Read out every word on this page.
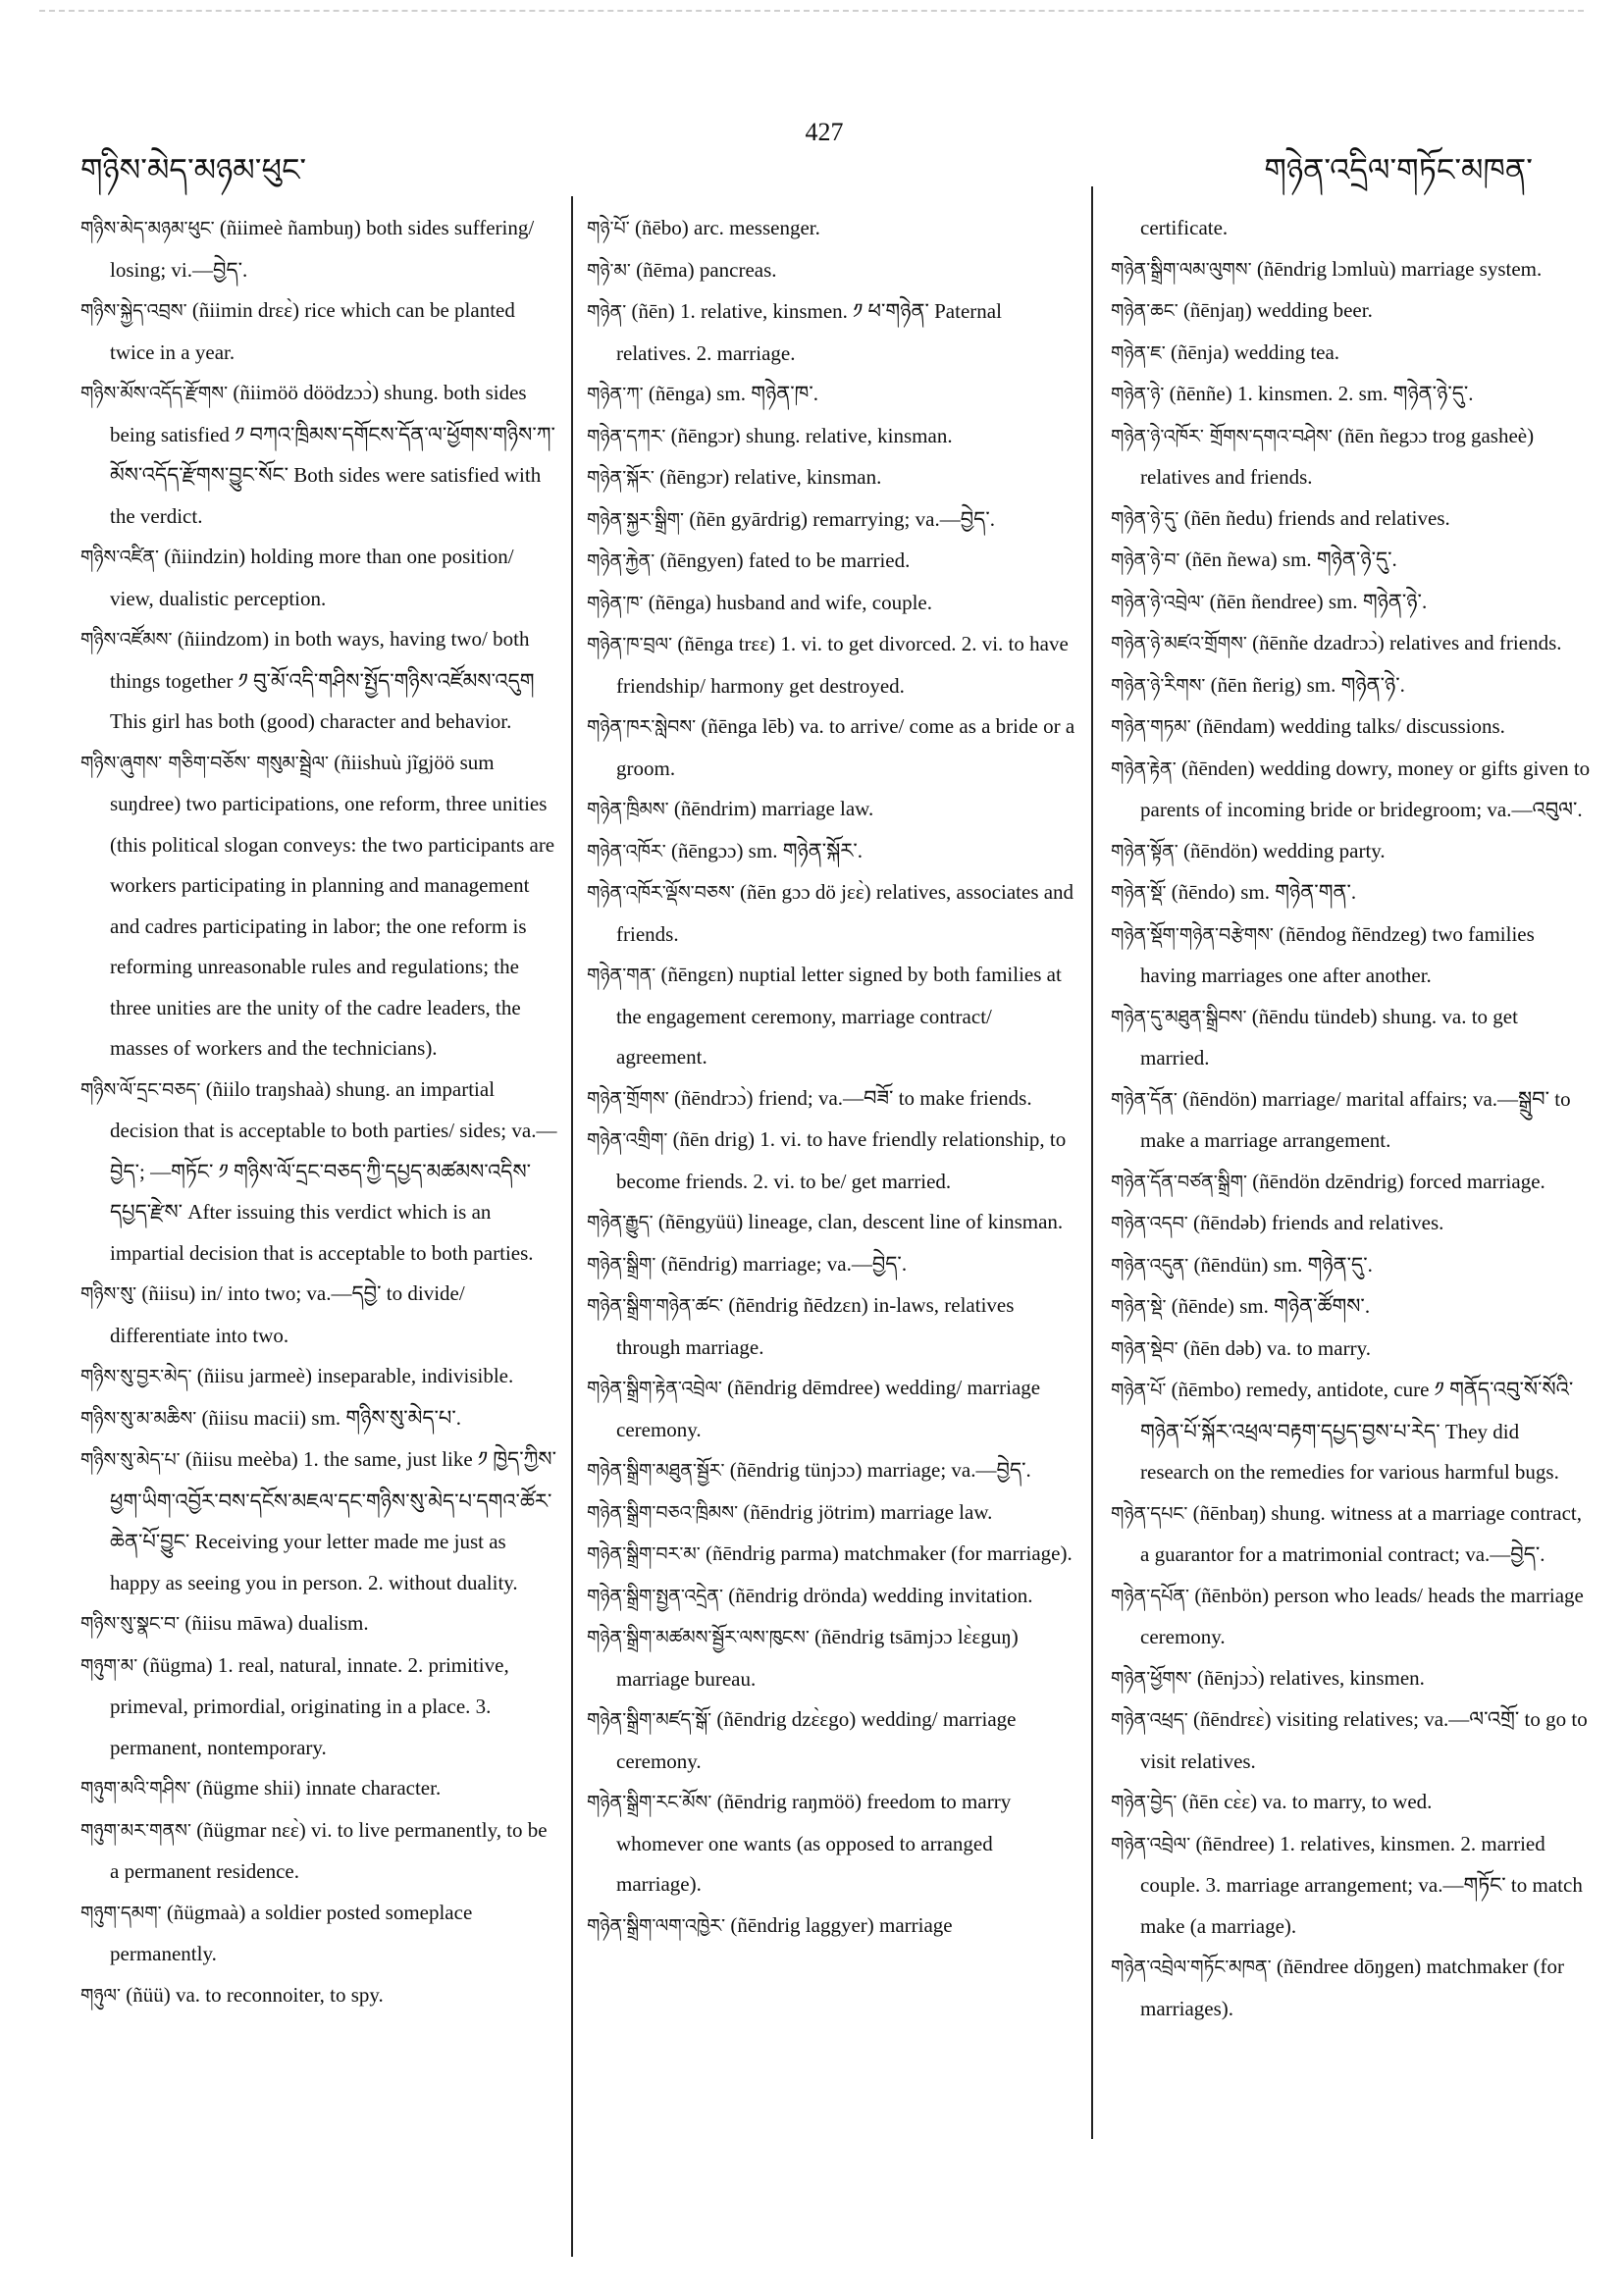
གཉིས་མེད་མཉམ་ཕུང་
427
གཉེན་འདྲིལ་གཏོང་མཁན་

གཉིས་མེད་མཉམ་ཕུང་ (ñiimeè ñambuŋ) both sides suffering/ losing; vi.—བྱེད་.

གཉིས་སྐྱེད་འབྲས་ (ñiimin drɛɛ̀) rice which can be planted twice in a year.

གཉིས་མོས་འདོད་རྫོགས་ (ñiimöö döödzɔɔ̀) shung. both sides being satisfied ༡ བཀའ་ཁྲིམས་དགོངས་དོན་ལ་ཕྱོགས་གཉིས་ཀ་མོས་འདོད་རྫོགས་བྱུང་སོང་ Both sides were satisfied with the verdict.

གཉིས་འཛིན་ (ñiindzin) holding more than one position/ view, dualistic perception.

གཉིས་འཛོམས་ (ñiindzom) in both ways, having two/ both things together ༡ བུ་མོ་འདི་གཤིས་སྤྱོད་གཉིས་འཛོམས་འདུག This girl has both (good) character and behavior.

གཉིས་ཞུགས་ གཅིག་བཅོས་ གསུམ་སྦྲེལ་ (ñiishuù jĩgjöö sum suŋdree) two participations, one reform, three unities (this political slogan conveys: the two participants are workers participating in planning and management and cadres participating in labor; the one reform is reforming unreasonable rules and regulations; the three unities are the unity of the cadre leaders, the masses of workers and the technicians).

གཉིས་ལོ་དྲང་བཅད་ (ñiilo traŋshaà) shung. an impartial decision that is acceptable to both parties/ sides; va.—བྱེད་; —གཏོང་ ༡ གཉིས་ལོ་དྲང་བཅད་ཀྱི་དཔྱད་མཚམས་འདིས་དཔྱད་རྫེས་ After issuing this verdict which is an impartial decision that is acceptable to both parties.

གཉིས་སུ་ (ñiisu) in/ into two; va.—དབྱེ་ to divide/ differentiate into two.

གཉིས་སུ་བྱར་མེད་ (ñiisu jarmeè) inseparable, indivisible.

གཉིས་སུ་མ་མཆིས་ (ñiisu macii) sm. གཉིས་སུ་མེད་པ་.

གཉིས་སུ་མེད་པ་ (ñiisu meèba) 1. the same, just like ༡ ཁྱེད་ཀྱིས་ཕྱག་ཡིག་འབྱོར་བས་དངོས་མཇལ་དང་གཉིས་སུ་མེད་པ་དགའ་ཚོར་ཆེན་པོ་བྱུང་ Receiving your letter made me just as happy as seeing you in person. 2. without duality.

གཉིས་སུ་སྣང་བ་ (ñiisu māwa) dualism.

གཉུག་མ་ (ñügma) 1. real, natural, innate. 2. primitive, primeval, primordial, originating in a place. 3. permanent, nontemporary.

གཉུག་མའི་གཤིས་ (ñügme shii) innate character.

གཉུག་མར་གནས་ (ñügmar nɛɛ̀) vi. to live permanently, to be a permanent residence.

གཉུག་དམག་ (ñügmaà) a soldier posted someplace permanently.

གཉུལ་ (ñüü) va. to reconnoiter, to spy.

གཉེ་པོ་ (ñēbo) arc. messenger.

གཉེ་མ་ (ñēma) pancreas.

གཉེན་ (ñēn) 1. relative, kinsmen. ༡ ཕ་གཉེན་ Paternal relatives. 2. marriage.

གཉེན་ཀ་ (ñēnga) sm. གཉེན་ཁ་.

གཉེན་དཀར་ (ñēngɔr) shung. relative, kinsman.

གཉེན་སྐོར་ (ñēngɔr) relative, kinsman.

གཉེན་སྐྱར་སྒྲིག་ (ñēn gyārdrig) remarrying; va.—བྱེད་.

གཉེན་རྐྱེན་ (ñēngyen) fated to be married.

གཉེན་ཁ་ (ñēnga) husband and wife, couple.

གཉེན་ཁ་བྲལ་ (ñēnga trɛɛ) 1. vi. to get divorced. 2. vi. to have friendship/ harmony get destroyed.

གཉེན་ཁར་སླེབས་ (ñēnga lēb) va. to arrive/ come as a bride or a groom.

གཉེན་ཁྲིམས་ (ñēndrim) marriage law.

གཉེན་འཁོར་ (ñēngɔɔ) sm. གཉེན་སྐོར་.

གཉེན་འཁོར་ལྡོས་བཅས་ (ñēn gɔɔ dö jɛɛ̀) relatives, associates and friends.

གཉེན་གན་ (ñēngɛn) nuptial letter signed by both families at the engagement ceremony, marriage contract/ agreement.

གཉེན་གྲོགས་ (ñēndrɔɔ̀) friend; va.—བཟོ་ to make friends.

གཉེན་འགྲིག་ (ñēn drig) 1. vi. to have friendly relationship, to become friends. 2. vi. to be/ get married.

གཉེན་རྒྱུད་ (ñēngyüü) lineage, clan, descent line of kinsman.

གཉེན་སྒྲིག་ (ñēndrig) marriage; va.—བྱེད་.

གཉེན་སྒྲིག་གཉེན་ཚང་ (ñēndrig ñēdzɛn) in-laws, relatives through marriage.

གཉེན་སྒྲིག་རྟེན་འབྲེལ་ (ñēndrig dēmdree) wedding/ marriage ceremony.

གཉེན་སྒྲིག་མཐུན་སྦྱོར་ (ñēndrig tünjɔɔ) marriage; va.—བྱེད་.

གཉེན་སྒྲིག་བཅའ་ཁྲིམས་ (ñēndrig jötrim) marriage law.

གཉེན་སྒྲིག་བར་མ་ (ñēndrig parma) matchmaker (for marriage).

གཉེན་སྒྲིག་སྤྱན་འདྲེན་ (ñēndrig drönda) wedding invitation.

གཉེན་སྒྲིག་མཚམས་སྦྱོར་ལས་ཁུངས་ (ñēndrig tsāmjɔɔ lɛ̀ɛguŋ) marriage bureau.

གཉེན་སྒྲིག་མཛད་སྒོ་ (ñēndrig dzɛ̀ɛgo) wedding/ marriage ceremony.

གཉེན་སྒྲིག་རང་མོས་ (ñēndrig raŋmöö) freedom to marry whomever one wants (as opposed to arranged marriage).

གཉེན་སྒྲིག་ལག་འཁྱེར་ (ñēndrig laggyer) marriage

certificate.

གཉེན་སྒྲིག་ལམ་ལུགས་ (ñēndrig lɔmluù) marriage system.

གཉེན་ཆང་ (ñēnjaŋ) wedding beer.

གཉེན་ཇ་ (ñēnja) wedding tea.

གཉེན་ཉེ་ (ñēnñe) 1. kinsmen. 2. sm. གཉེན་ཉེ་དུ་.

གཉེན་ཉེ་འཁོར་ གྲོགས་དགའ་བཤེས་ (ñēn ñegɔɔ trog gasheè) relatives and friends.

གཉེན་ཉེ་དུ་ (ñēn ñedu) friends and relatives.

གཉེན་ཉེ་བ་ (ñēn ñewa) sm. གཉེན་ཉེ་དུ་.

གཉེན་ཉེ་འབྲེལ་ (ñēn ñendree) sm. གཉེན་ཉེ་.

གཉེན་ཉེ་མཛའ་གྲོགས་ (ñēnñe dzadrɔɔ̀) relatives and friends.

གཉེན་ཉེ་རིགས་ (ñēn ñerig) sm. གཉེན་ཉེ་.

གཉེན་གཏམ་ (ñēndam) wedding talks/ discussions.

གཉེན་རྟེན་ (ñēnden) wedding dowry, money or gifts given to parents of incoming bride or bridegroom; va.—འབུལ་.

གཉེན་སྟོན་ (ñēndön) wedding party.

གཉེན་སྡོ་ (ñēndo) sm. གཉེན་གན་.

གཉེན་སྡོག་གཉེན་བརྩེགས་ (ñēndog ñēndzeg) two families having marriages one after another.

གཉེན་དུ་མཐུན་སྒྲིབས་ (ñēndu tündeb) shung. va. to get married.

གཉེན་དོན་ (ñēndön) marriage/ marital affairs; va.—སྒྲུབ་ to make a marriage arrangement.

གཉེན་དོན་བཙན་སྒྲིག་ (ñēndön dzēndrig) forced marriage.

གཉེན་འདབ་ (ñēndəb) friends and relatives.

གཉེན་འདུན་ (ñēndün) sm. གཉེན་དུ་.

གཉེན་སྡེ་ (ñēnde) sm. གཉེན་ཚོགས་.

གཉེན་སྡེབ་ (ñēn dəb) va. to marry.

གཉེན་པོ་ (ñēmbo) remedy, antidote, cure ༡ གནོད་འབུ་སོ་སོའི་གཉེན་པོ་སྐོར་འཕྲལ་བརྟག་དཔྱད་བྱས་པ་རེད་ They did research on the remedies for various harmful bugs.

གཉེན་དཔང་ (ñēnbaŋ) shung. witness at a marriage contract, a guarantor for a matrimonial contract; va.—བྱེད་.

གཉེན་དཔོན་ (ñēnbön) person who leads/ heads the marriage ceremony.

གཉེན་ཕྱོགས་ (ñēnjɔɔ̀) relatives, kinsmen.

གཉེན་འཕྲད་ (ñēndrɛɛ̀) visiting relatives; va.—ལ་འགྲོ་ to go to visit relatives.

གཉེན་བྱེད་ (ñēn cɛ̀ɛ) va. to marry, to wed.

གཉེན་འབྲེལ་ (ñēndree) 1. relatives, kinsmen. 2. married couple. 3. marriage arrangement; va.—གཏོང་ to match make (a marriage).

གཉེན་འབྲེལ་གཏོང་མཁན་ (ñēndree dōŋgen) matchmaker (for marriages).
